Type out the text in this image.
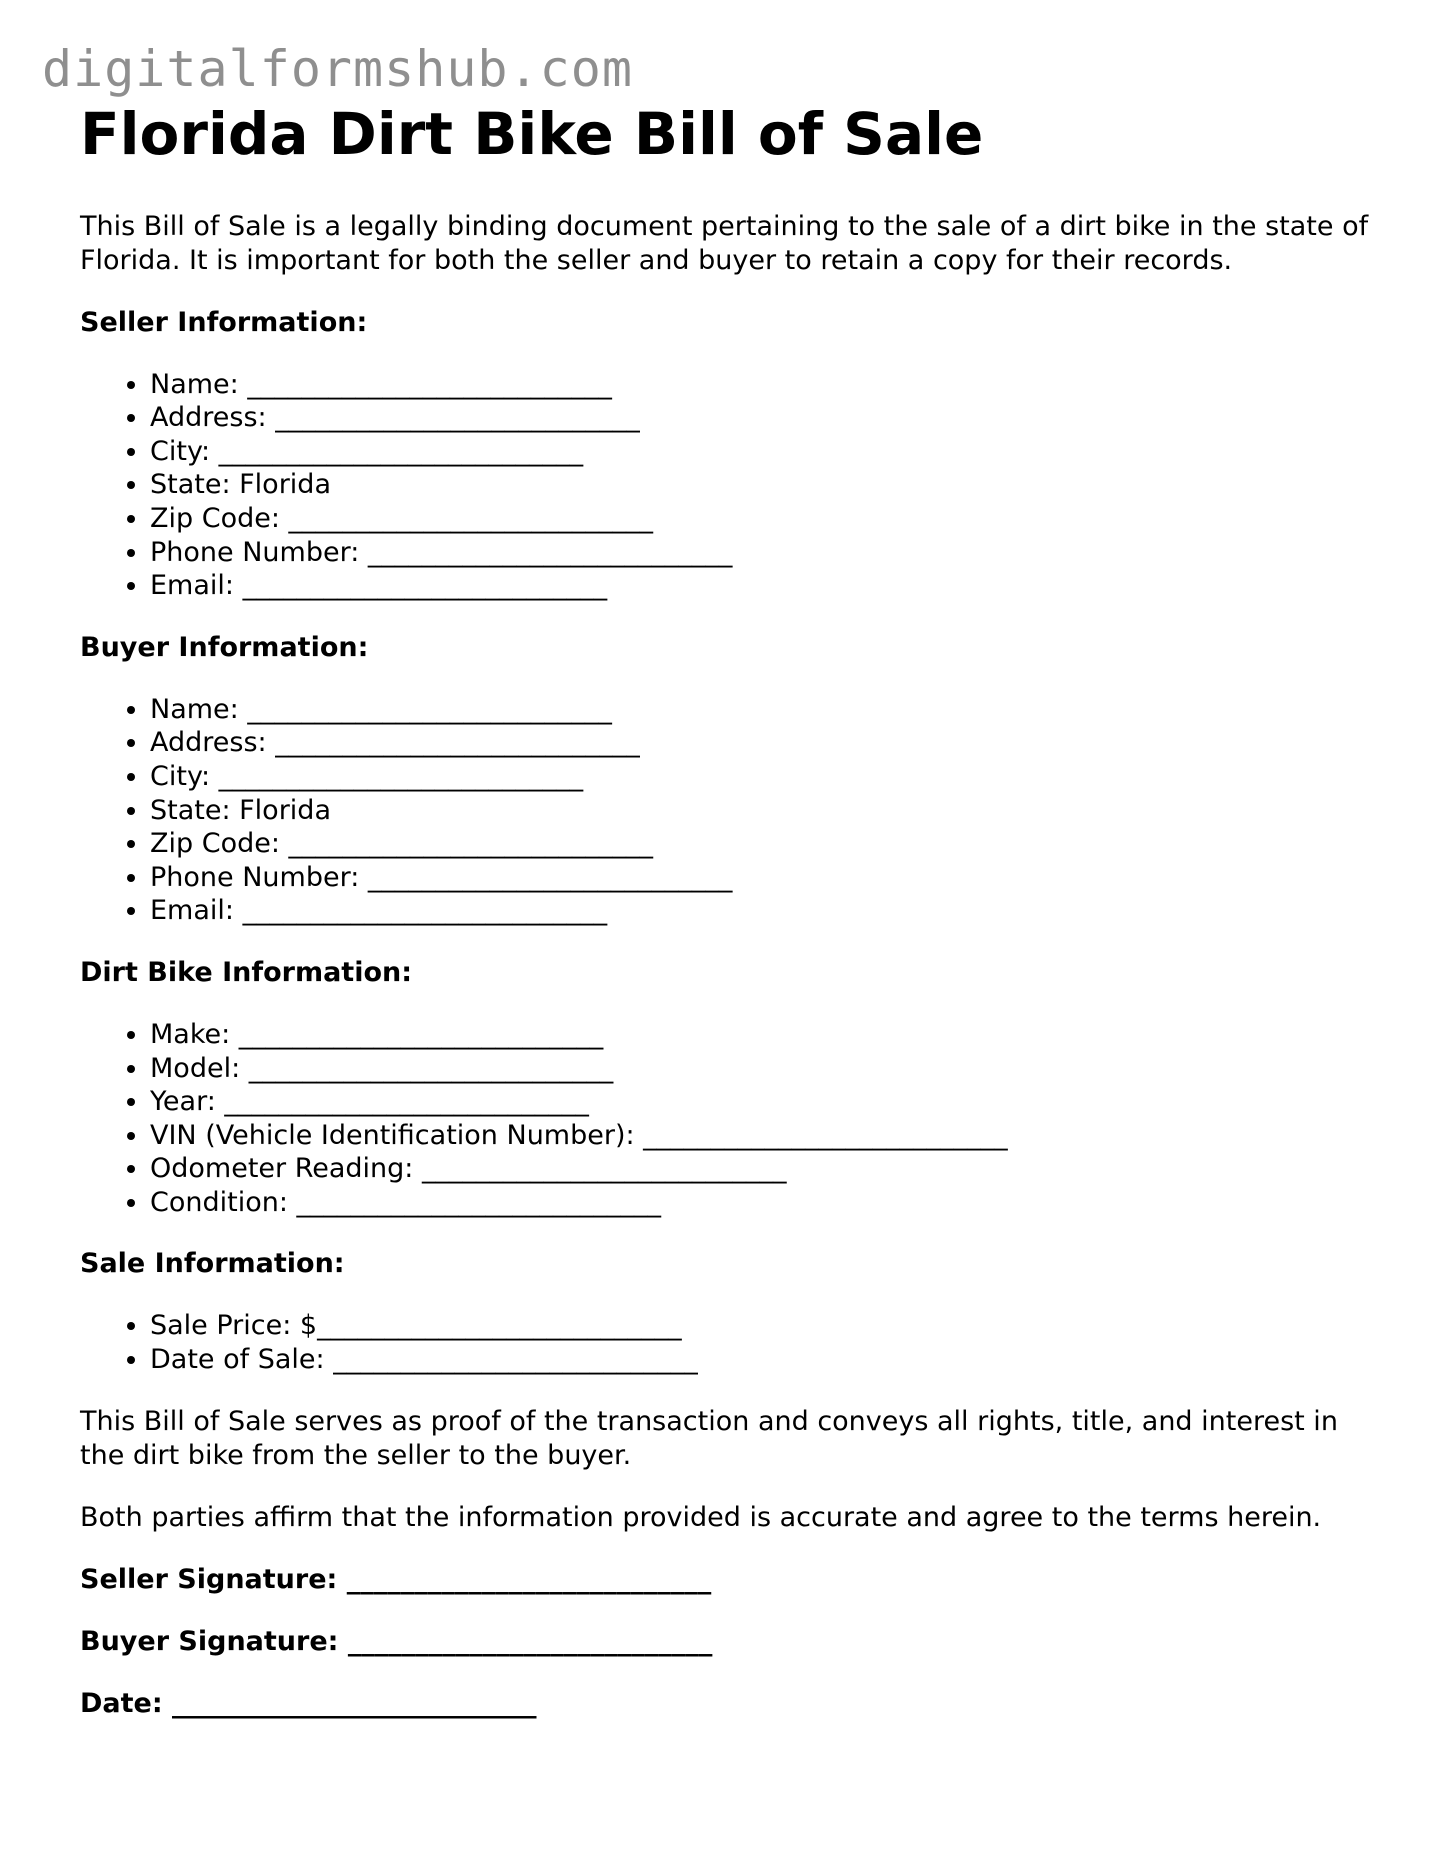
digitalformshub.com
Florida Dirt Bike Bill of Sale

This Bill of Sale is a legally binding document pertaining to the sale of a dirt bike in the state of Florida. It is important for both the seller and buyer to retain a copy for their records.

Seller Information:
• Name: ___________________________
• Address: ___________________________
• City: ___________________________
• State: Florida
• Zip Code: ___________________________
• Phone Number: ___________________________
• Email: ___________________________
Buyer Information:
• Name: ___________________________
• Address: ___________________________
• City: ___________________________
• State: Florida
• Zip Code: ___________________________
• Phone Number: ___________________________
• Email: ___________________________
Dirt Bike Information:
• Make: ___________________________
• Model: ___________________________
• Year: ___________________________
• VIN (Vehicle Identification Number): ___________________________
• Odometer Reading: ___________________________
• Condition: ___________________________
Sale Information:
• Sale Price: $___________________________
• Date of Sale: ___________________________

This Bill of Sale serves as proof of the transaction and conveys all rights, title, and interest in the dirt bike from the seller to the buyer.

Both parties affirm that the information provided is accurate and agree to the terms herein.

Seller Signature: ___________________________

Buyer Signature: ___________________________

Date: ___________________________
